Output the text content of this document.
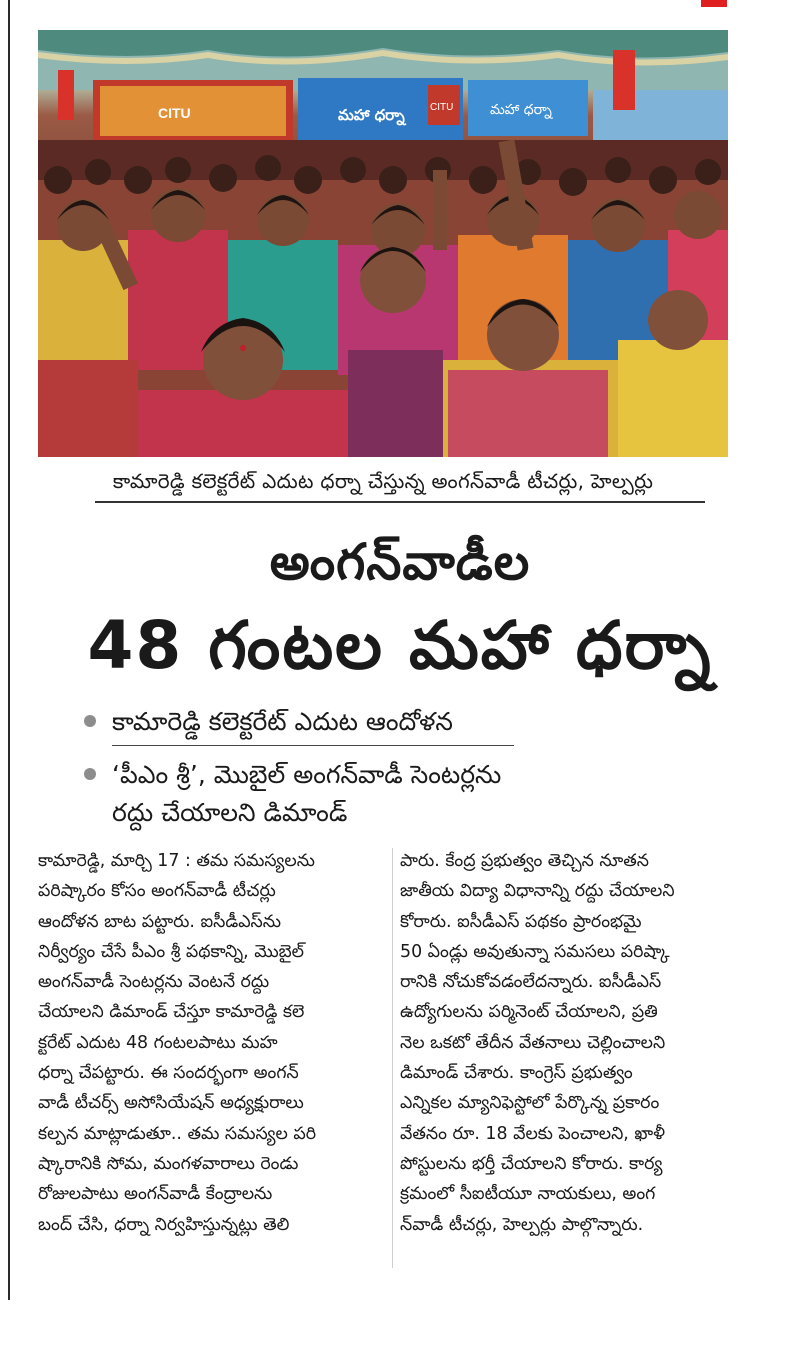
CITU	మహా ధర్నా	CITU	మహా ధర్నా
కామారెడ్డి కలెక్టరేట్ ఎదుట ధర్నా చేస్తున్న అంగన్‌వాడీ టీచర్లు, హెల్పర్లు
అంగన్‌వాడీల
48 గంటల మహా ధర్నా
కామారెడ్డి కలెక్టరేట్ ఎదుట ఆందోళన
‘పీఎం శ్రీ’, మొబైల్ అంగన్‌వాడీ సెంటర్లను
రద్దు చేయాలని డిమాండ్
కామారెడ్డి, మార్చి 17 : తమ సమస్యలను
పరిష్కారం కోసం అంగన్‌వాడీ టీచర్లు
ఆందోళన బాట పట్టారు. ఐసీడీఎస్‌ను
నిర్వీర్యం చేసే పీఎం శ్రీ పథకాన్ని, మొబైల్
అంగన్‌వాడీ సెంటర్లను వెంటనే రద్దు
చేయాలని డిమాండ్ చేస్తూ కామారెడ్డి కలె
క్టరేట్ ఎదుట 48 గంటలపాటు మహ
ధర్నా చేపట్టారు. ఈ సందర్భంగా అంగన్
వాడీ టీచర్స్ అసోసియేషన్ అధ్యక్షురాలు
కల్పన మాట్లాడుతూ.. తమ సమస్యల పరి
ష్కారానికి సోమ, మంగళవారాలు రెండు
రోజులపాటు అంగన్‌వాడీ కేంద్రాలను
బంద్ చేసి, ధర్నా నిర్వహిస్తున్నట్లు తెలి
పారు. కేంద్ర ప్రభుత్వం తెచ్చిన నూతన
జాతీయ విద్యా విధానాన్ని రద్దు చేయాలని
కోరారు. ఐసీడీఎస్ పథకం ప్రారంభమై
50 ఏండ్లు అవుతున్నా సమసలు పరిష్కా
రానికి నోచుకోవడంలేదన్నారు. ఐసీడీఎస్
ఉద్యోగులను పర్మినెంట్ చేయాలని, ప్రతి
నెల ఒకటో తేదీన వేతనాలు చెల్లించాలని
డిమాండ్ చేశారు. కాంగ్రెస్ ప్రభుత్వం
ఎన్నికల మ్యానిఫెస్టోలో పేర్కొన్న ప్రకారం
వేతనం రూ. 18 వేలకు పెంచాలని, ఖాళీ
పోస్టులను భర్తీ చేయాలని కోరారు. కార్య
క్రమంలో సీఐటీయూ నాయకులు, అంగ
న్‌వాడీ టీచర్లు, హెల్పర్లు పాల్గొన్నారు.
